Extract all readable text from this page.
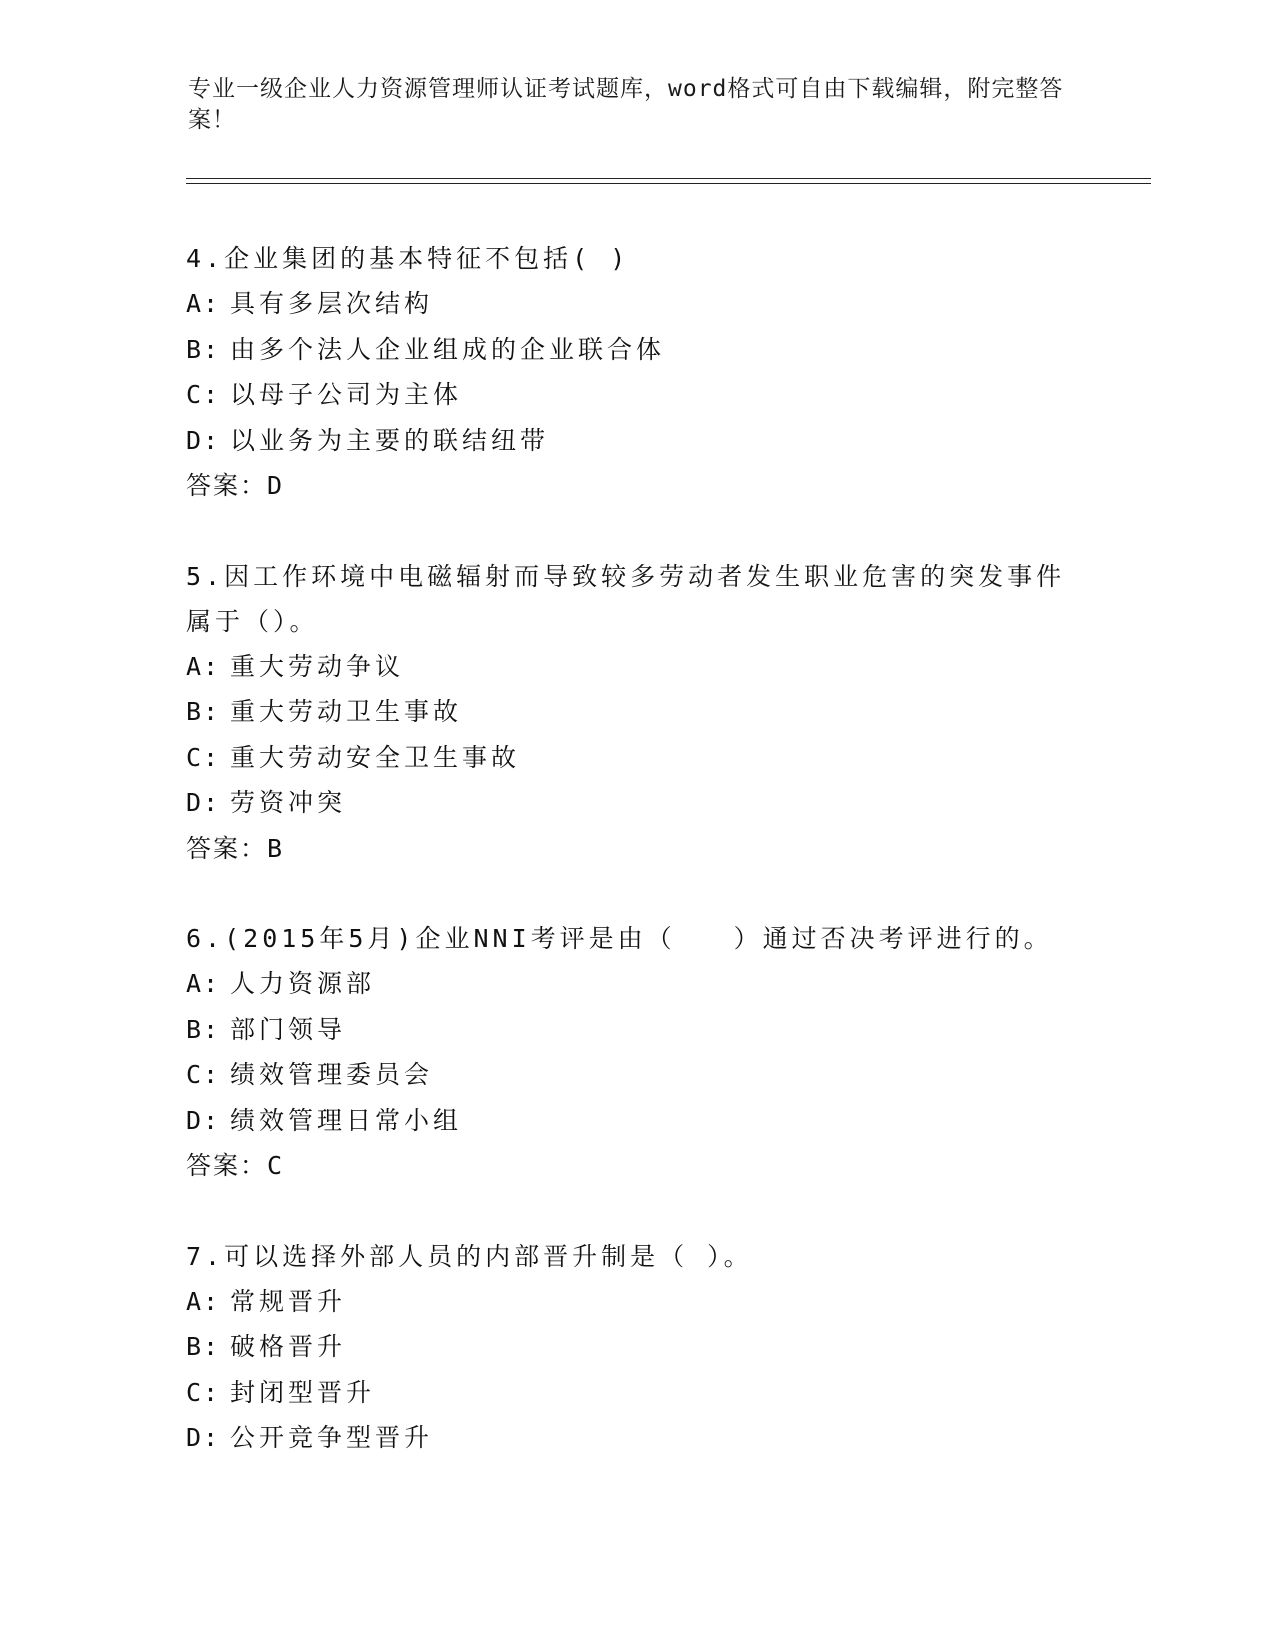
专业一级企业人力资源管理师认证考试题库，word格式可自由下载编辑，附完整答案！

4.企业集团的基本特征不包括( )

A: 具有多层次结构
B: 由多个法人企业组成的企业联合体
C: 以母子公司为主体
D: 以业务为主要的联结纽带

答案：D

5.因工作环境中电磁辐射而导致较多劳动者发生职业危害的突发事件属于（）。

A: 重大劳动争议
B: 重大劳动卫生事故
C: 重大劳动安全卫生事故
D: 劳资冲突

答案：B

6.(2015年5月)企业NNI考评是由（　　）通过否决考评进行的。

A: 人力资源部
B: 部门领导
C: 绩效管理委员会
D: 绩效管理日常小组

答案：C

7.可以选择外部人员的内部晋升制是（ ）。

A: 常规晋升
B: 破格晋升
C: 封闭型晋升
D: 公开竞争型晋升
